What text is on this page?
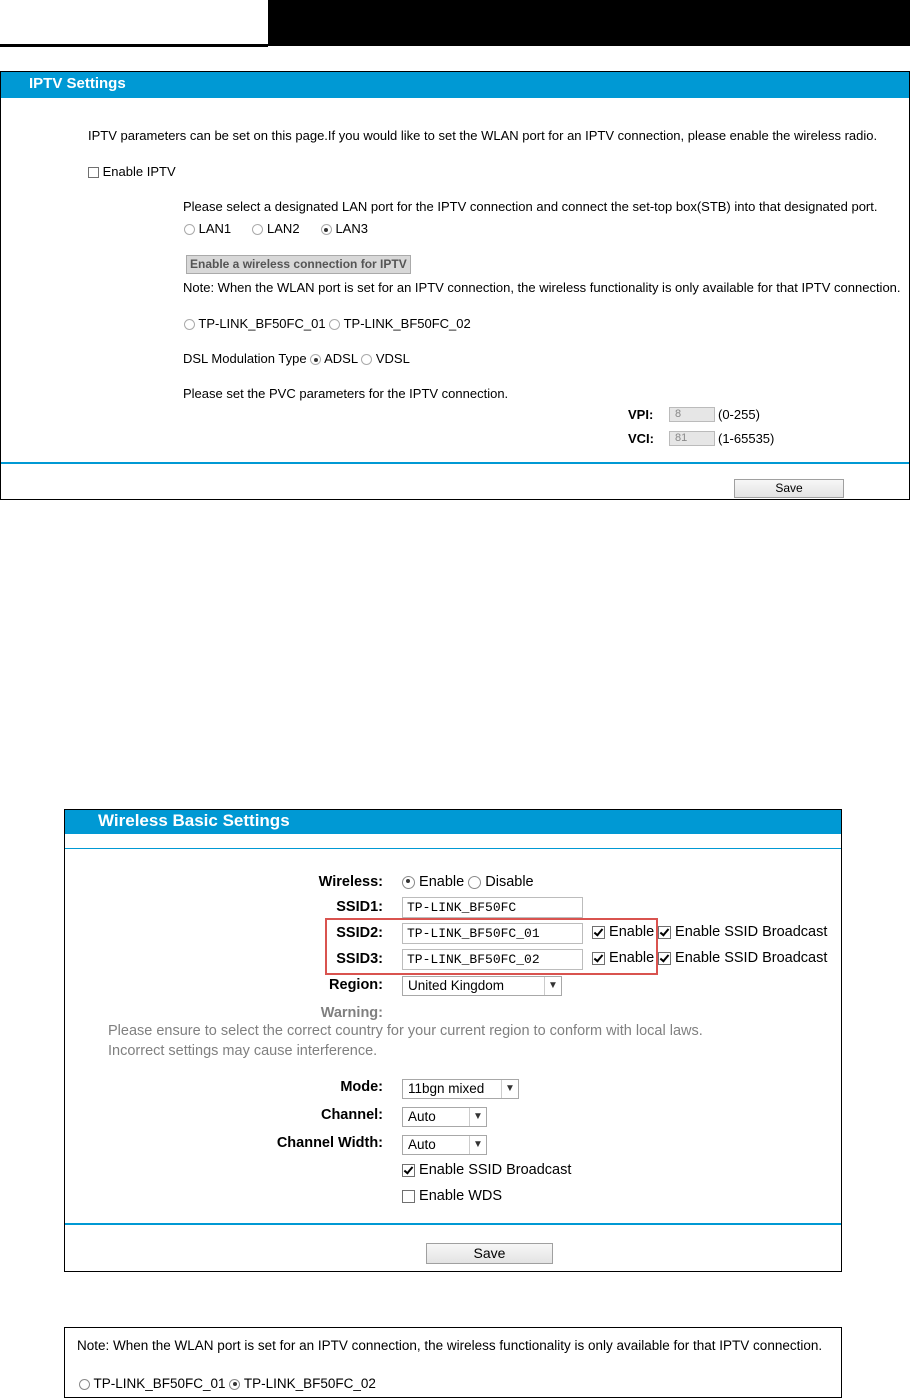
IPTV Settings
IPTV parameters can be set on this page.If you would like to set the WLAN port for an IPTV connection, please enable the wireless radio.
Enable IPTV
Please select a designated LAN port for the IPTV connection and connect the set-top box(STB) into that designated port.
LAN1	LAN2	LAN3
Enable a wireless connection for IPTV
Note: When the WLAN port is set for an IPTV connection, the wireless functionality is only available for that IPTV connection.
TP-LINK_BF50FC_01 TP-LINK_BF50FC_02
DSL Modulation Type ADSL VDSL
Please set the PVC parameters for the IPTV connection.
VPI:	8	(0-255)
VCI:	81	(1-65535)
Save
Wireless Basic Settings
Wireless:	Enable Disable
SSID1:	TP-LINK_BF50FC
SSID2:	TP-LINK_BF50FC_01	Enable	Enable SSID Broadcast
SSID3:	TP-LINK_BF50FC_02	Enable	Enable SSID Broadcast
Region:	United Kingdom	▼
Warning:
Please ensure to select the correct country for your current region to conform with local laws.
Incorrect settings may cause interference.
Mode:	11bgn mixed	▼
Channel:	Auto	▼
Channel Width:	Auto	▼
Enable SSID Broadcast
Enable WDS
Save
Note: When the WLAN port is set for an IPTV connection, the wireless functionality is only available for that IPTV connection.
TP-LINK_BF50FC_01 TP-LINK_BF50FC_02
